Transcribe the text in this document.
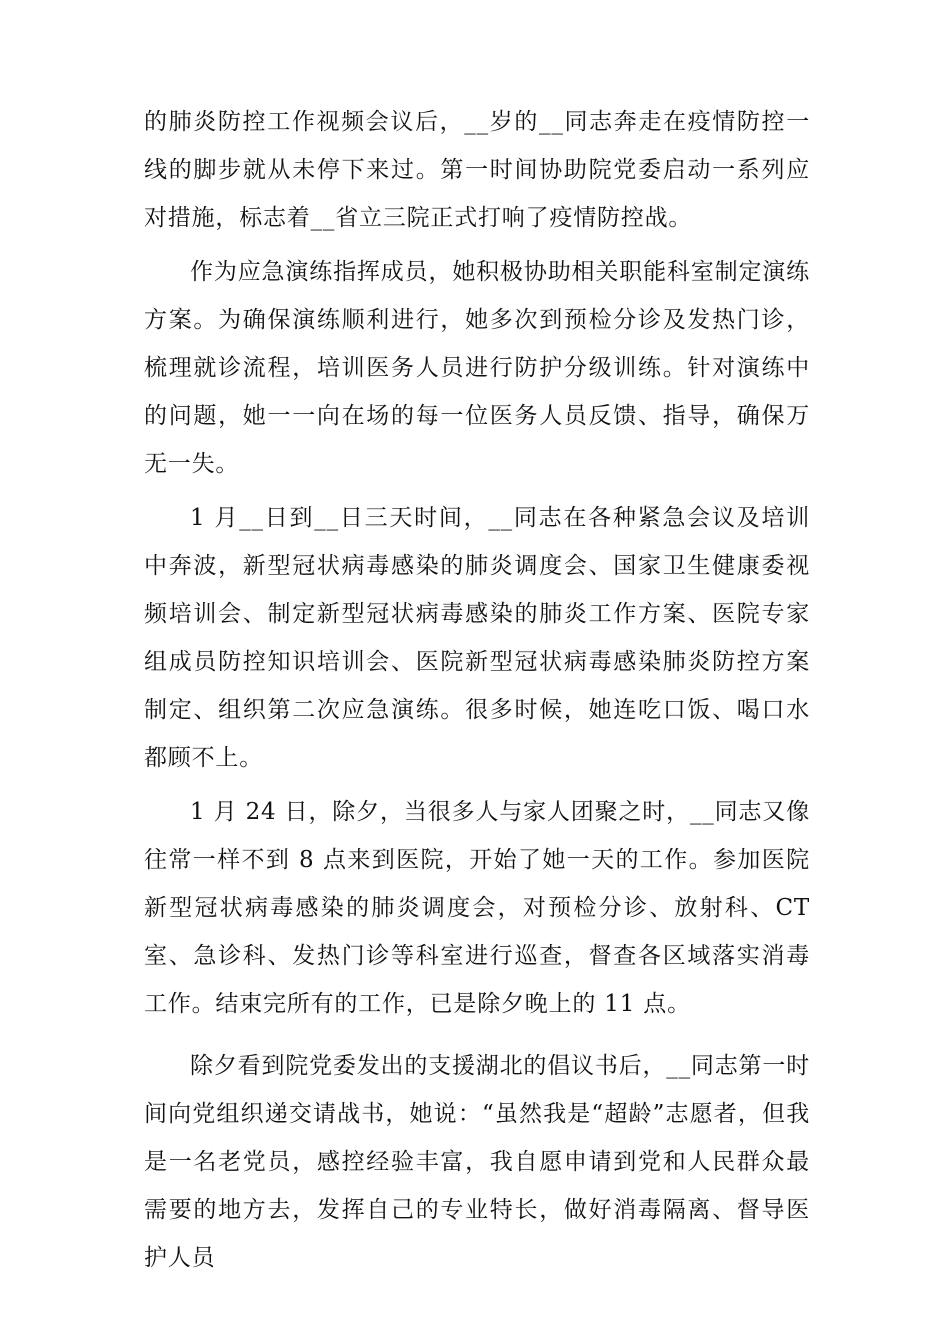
的肺炎防控工作视频会议后，__岁的__同志奔走在疫情防控一线的脚步就从未停下来过。第一时间协助院党委启动一系列应对措施，标志着__省立三院正式打响了疫情防控战。

作为应急演练指挥成员，她积极协助相关职能科室制定演练方案。为确保演练顺利进行，她多次到预检分诊及发热门诊，梳理就诊流程，培训医务人员进行防护分级训练。针对演练中的问题，她一一向在场的每一位医务人员反馈、指导，确保万无一失。

1 月__日到__日三天时间，__同志在各种紧急会议及培训中奔波，新型冠状病毒感染的肺炎调度会、国家卫生健康委视频培训会、制定新型冠状病毒感染的肺炎工作方案、医院专家组成员防控知识培训会、医院新型冠状病毒感染肺炎防控方案制定、组织第二次应急演练。很多时候，她连吃口饭、喝口水都顾不上。

1 月 24 日，除夕，当很多人与家人团聚之时，__同志又像往常一样不到 8 点来到医院，开始了她一天的工作。参加医院新型冠状病毒感染的肺炎调度会，对预检分诊、放射科、CT 室、急诊科、发热门诊等科室进行巡查，督查各区域落实消毒工作。结束完所有的工作，已是除夕晚上的 11 点。

除夕看到院党委发出的支援湖北的倡议书后，__同志第一时间向党组织递交请战书，她说：“虽然我是“超龄”志愿者，但我是一名老党员，感控经验丰富，我自愿申请到党和人民群众最需要的地方去，发挥自己的专业特长，做好消毒隔离、督导医护人员
